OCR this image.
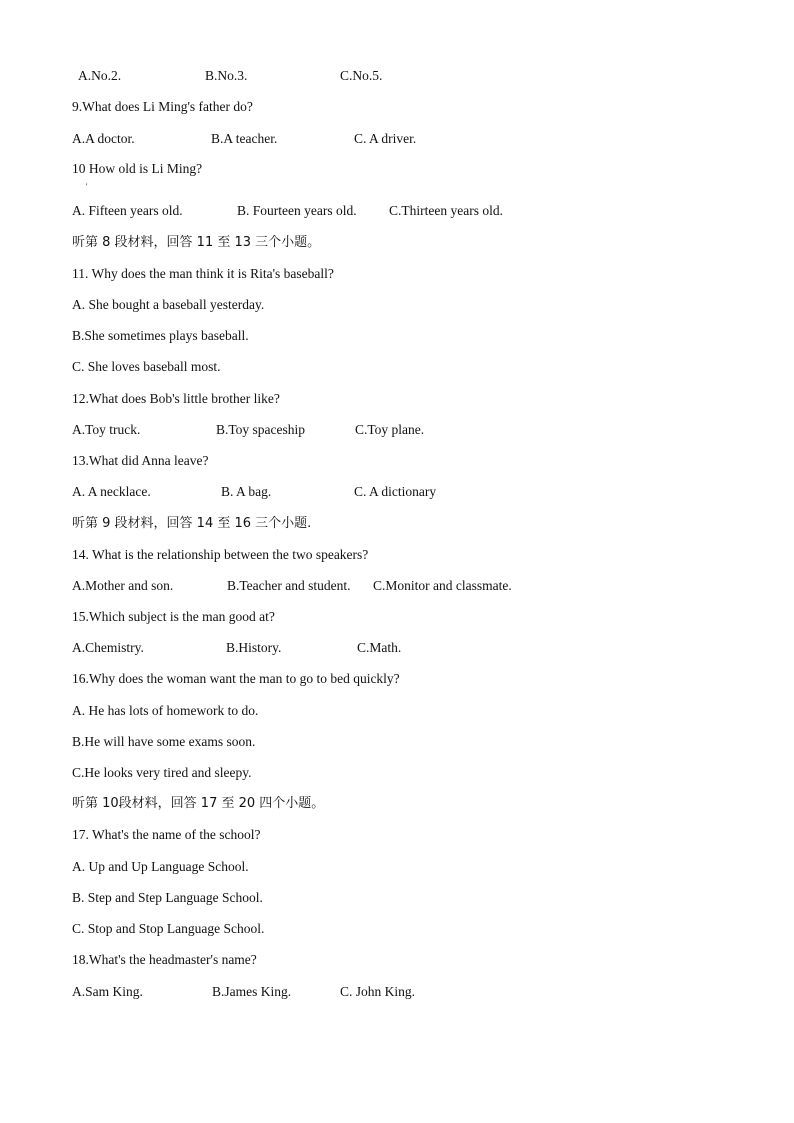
A.No.2.	B.No.3.	C.No.5.
9.What does Li Ming's father do?
A.A doctor.	B.A teacher.	C. A driver.
10 How old is Li Ming?
'
A. Fifteen years old.	B. Fourteen years old. C.Thirteen years old.
听第 8 段材料，回答 11 至 13 三个小题。
11. Why does the man think it is Rita's baseball?
A. She bought a baseball yesterday.
B.She sometimes plays baseball.
C. She loves baseball most.
12.What does Bob's little brother like?
A.Toy truck.	B.Toy spaceship	C.Toy plane.
13.What did Anna leave?
A. A necklace.	B. A bag.	C. A dictionary
听第 9 段材料，回答 14 至 16 三个小题.
14. What is the relationship between the two speakers?
A.Mother and son.	B.Teacher and student. C.Monitor and classmate.
15.Which subject is the man good at?
A.Chemistry.	B.History.	C.Math.
16.Why does the woman want the man to go to bed quickly?
A. He has lots of homework to do.
B.He will have some exams soon.
C.He looks very tired and sleepy.
听第 10段材料，回答 17 至 20 四个小题。
17. What's the name of the school?
A. Up and Up Language School.
B. Step and Step Language School.
C. Stop and Stop Language School.
18.What's the headmaster's name?
A.Sam King.	B.James King.	C. John King.
